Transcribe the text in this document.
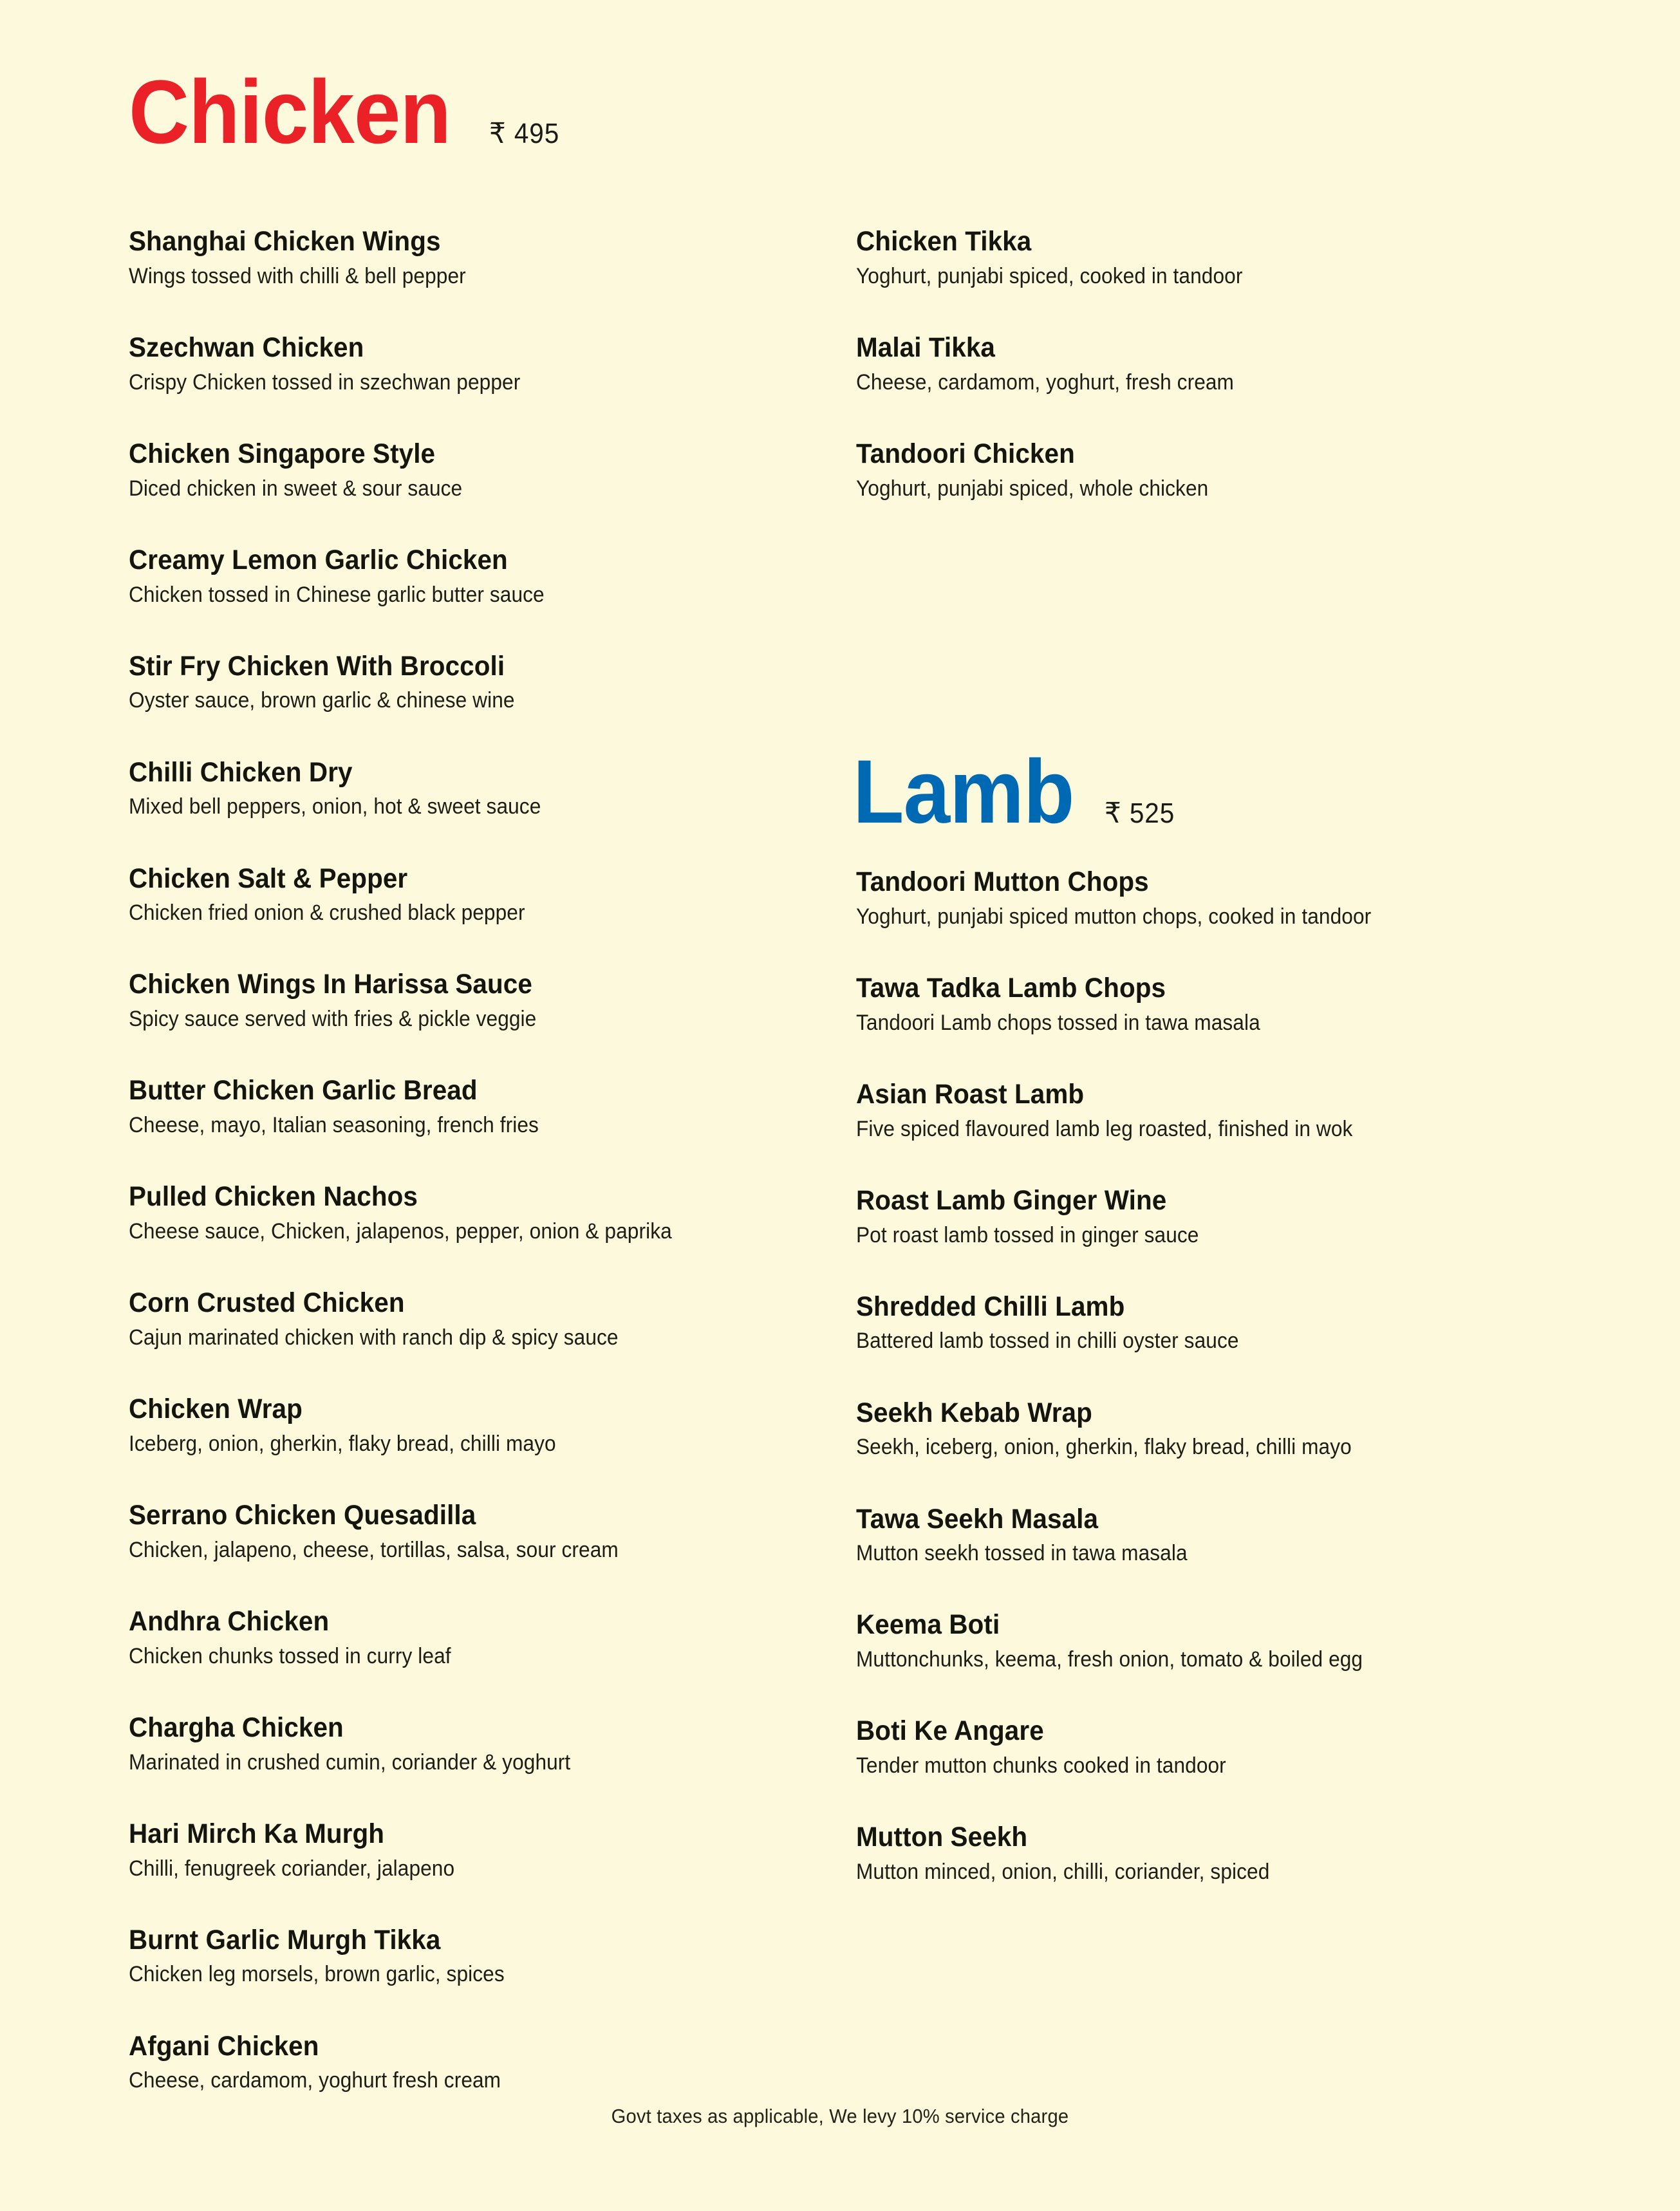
Chicken ₹ 495
Shanghai Chicken Wings
Wings tossed with chilli & bell pepper
Szechwan Chicken
Crispy Chicken tossed in szechwan pepper
Chicken Singapore Style
Diced chicken in sweet & sour sauce
Creamy Lemon Garlic Chicken
Chicken tossed in Chinese garlic butter sauce
Stir Fry Chicken With Broccoli
Oyster sauce, brown garlic & chinese wine
Chilli Chicken Dry
Mixed bell peppers, onion, hot & sweet sauce
Chicken Salt & Pepper
Chicken fried onion & crushed black pepper
Chicken Wings In Harissa Sauce
Spicy sauce served with fries & pickle veggie
Butter Chicken Garlic Bread
Cheese, mayo, Italian seasoning, french fries
Pulled Chicken Nachos
Cheese sauce, Chicken, jalapenos, pepper, onion & paprika
Corn Crusted Chicken
Cajun marinated chicken with ranch dip & spicy sauce
Chicken Wrap
Iceberg, onion, gherkin, flaky bread, chilli mayo
Serrano Chicken Quesadilla
Chicken, jalapeno, cheese, tortillas, salsa, sour cream
Andhra Chicken
Chicken chunks tossed in curry leaf
Chargha Chicken
Marinated in crushed cumin, coriander & yoghurt
Hari Mirch Ka Murgh
Chilli, fenugreek coriander, jalapeno
Burnt Garlic Murgh Tikka
Chicken leg morsels, brown garlic, spices
Afgani Chicken
Cheese, cardamom, yoghurt fresh cream
Chicken Tikka
Yoghurt, punjabi spiced, cooked in tandoor
Malai Tikka
Cheese, cardamom, yoghurt, fresh cream
Tandoori Chicken
Yoghurt, punjabi spiced, whole chicken
Lamb ₹ 525
Tandoori Mutton Chops
Yoghurt, punjabi spiced mutton chops, cooked in tandoor
Tawa Tadka Lamb Chops
Tandoori Lamb chops tossed in tawa masala
Asian Roast Lamb
Five spiced flavoured lamb leg roasted, finished in wok
Roast Lamb Ginger Wine
Pot roast lamb tossed in ginger sauce
Shredded Chilli Lamb
Battered lamb tossed in chilli oyster sauce
Seekh Kebab Wrap
Seekh, iceberg, onion, gherkin, flaky bread, chilli mayo
Tawa Seekh Masala
Mutton seekh tossed in tawa masala
Keema Boti
Muttonchunks, keema, fresh onion, tomato & boiled egg
Boti Ke Angare
Tender mutton chunks cooked in tandoor
Mutton Seekh
Mutton minced, onion, chilli, coriander, spiced
Govt taxes as applicable, We levy 10% service charge
